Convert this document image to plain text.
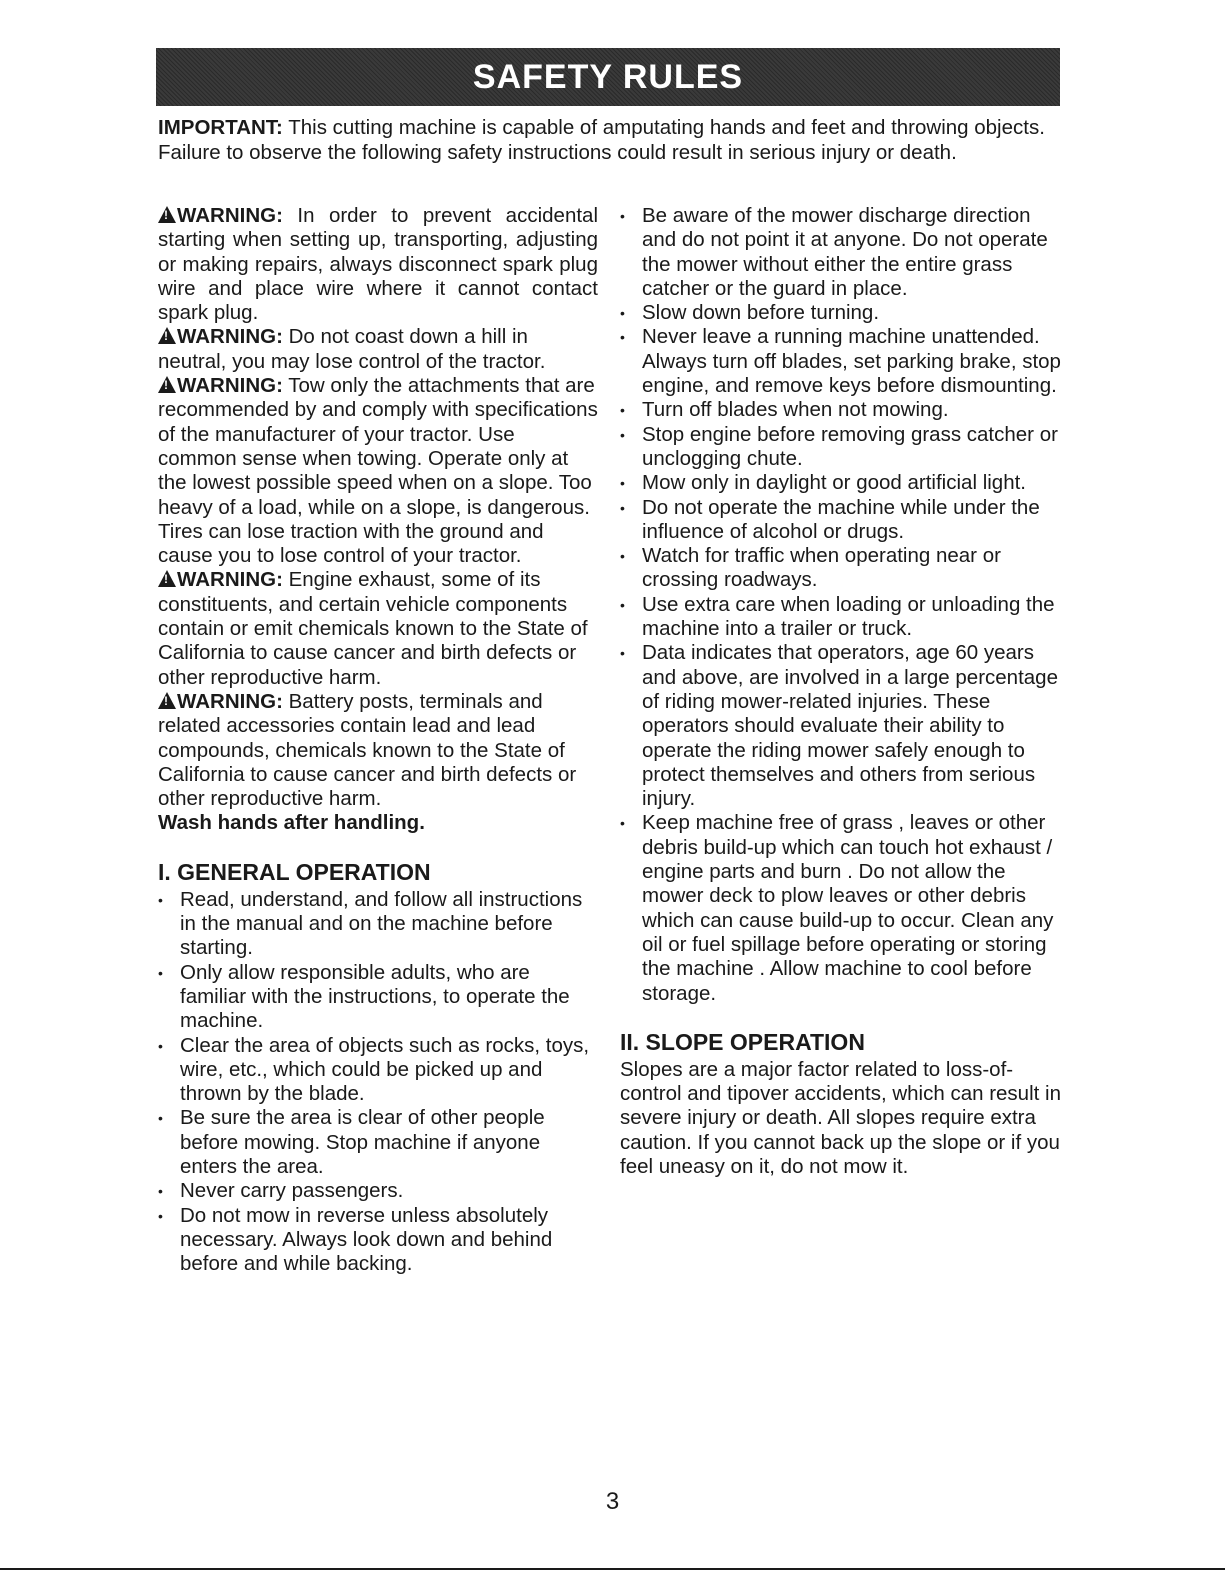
SAFETY RULES

IMPORTANT: This cutting machine is capable of amputating hands and feet and throwing objects. Failure to observe the following safety instructions could result in serious injury or death.

!WARNING: In order to prevent accidental starting when setting up, transporting, adjusting or making repairs, always disconnect spark plug wire and place wire where it cannot contact spark plug.

!WARNING: Do not coast down a hill in neutral, you may lose control of the tractor.

!WARNING: Tow only the attachments that are recommended by and comply with specifications of the manufacturer of your tractor. Use common sense when towing. Operate only at the lowest possible speed when on a slope. Too heavy of a load, while on a slope, is dangerous. Tires can lose traction with the ground and cause you to lose control of your tractor.

!WARNING: Engine exhaust, some of its constituents, and certain vehicle components contain or emit chemicals known to the State of California to cause cancer and birth defects or other reproductive harm.

!WARNING: Battery posts, terminals and related accessories contain lead and lead compounds, chemicals known to the State of California to cause cancer and birth defects or other reproductive harm.

Wash hands after handling.

I. GENERAL OPERATION
• Read, understand, and follow all instructions in the manual and on the machine before starting.
• Only allow responsible adults, who are familiar with the instructions, to operate the machine.
• Clear the area of objects such as rocks, toys, wire, etc., which could be picked up and thrown by the blade.
• Be sure the area is clear of other people before mowing. Stop machine if anyone enters the area.
• Never carry passengers.
• Do not mow in reverse unless absolutely necessary. Always look down and behind before and while backing.
• Be aware of the mower discharge direction and do not point it at anyone. Do not operate the mower without either the entire grass catcher or the guard in place.
• Slow down before turning.
• Never leave a running machine unattended. Always turn off blades, set parking brake, stop engine, and remove keys before dismounting.
• Turn off blades when not mowing.
• Stop engine before removing grass catcher or unclogging chute.
• Mow only in daylight or good artificial light.
• Do not operate the machine while under the influence of alcohol or drugs.
• Watch for traffic when operating near or crossing roadways.
• Use extra care when loading or unloading the machine into a trailer or truck.
• Data indicates that operators, age 60 years and above, are involved in a large percentage of riding mower-related injuries. These operators should evaluate their ability to operate the riding mower safely enough to protect themselves and others from serious injury.
• Keep machine free of grass , leaves or other debris build-up which can touch hot exhaust / engine parts and burn . Do not allow the mower deck to plow leaves or other debris which can cause build-up to occur. Clean any oil or fuel spillage before operating or storing the machine . Allow machine to cool before storage.
II. SLOPE OPERATION

Slopes are a major factor related to loss-of-control and tipover accidents, which can result in severe injury or death. All slopes require extra caution. If you cannot back up the slope or if you feel uneasy on it, do not mow it.

3
